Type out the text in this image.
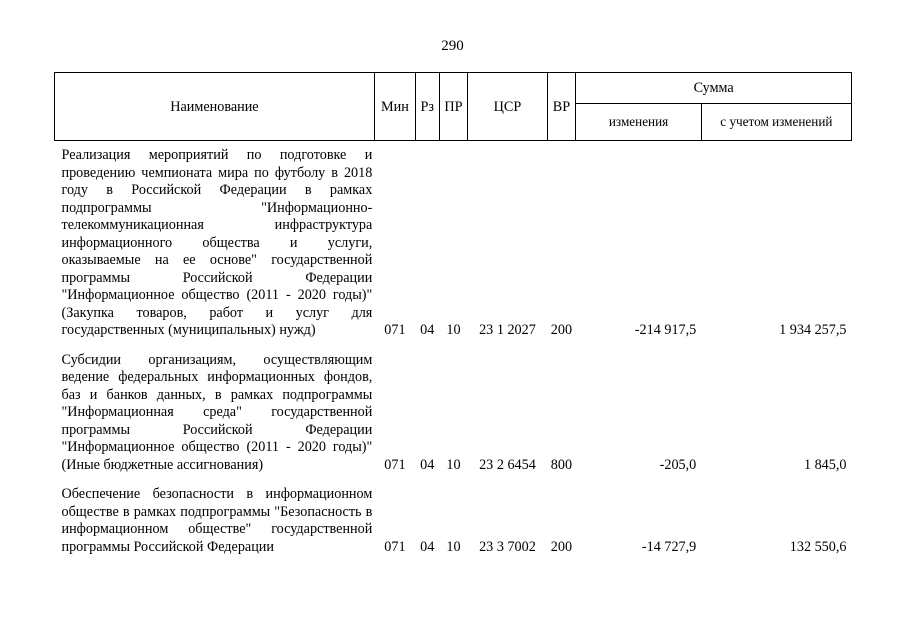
290
Наименование	Мин	Рз	ПР	ЦСР	ВР	Сумма	
						изменения	с учетом изменений
Реализация мероприятий по подготовке и проведению чемпионата мира по футболу в 2018 году в Российской Федерации в рамках подпрограммы "Информационно-телекоммуникационная инфраструктура информационного общества и услуги, оказываемые на ее основе" государственной программы Российской Федерации "Информационное общество (2011 - 2020 годы)" (Закупка товаров, работ и услуг для государственных (муниципальных) нужд)	071	04	10	23 1 2027	200	-214 917,5	1 934 257,5
Субсидии организациям, осуществляющим ведение федеральных информационных фондов, баз и банков данных, в рамках подпрограммы "Информационная среда" государственной программы Российской Федерации "Информационное общество (2011 - 2020 годы)" (Иные бюджетные ассигнования)	071	04	10	23 2 6454	800	-205,0	1 845,0
Обеспечение безопасности в информационном обществе в рамках подпрограммы "Безопасность в информационном обществе" государственной программы Российской Федерации	071	04	10	23 3 7002	200	-14 727,9	132 550,6
